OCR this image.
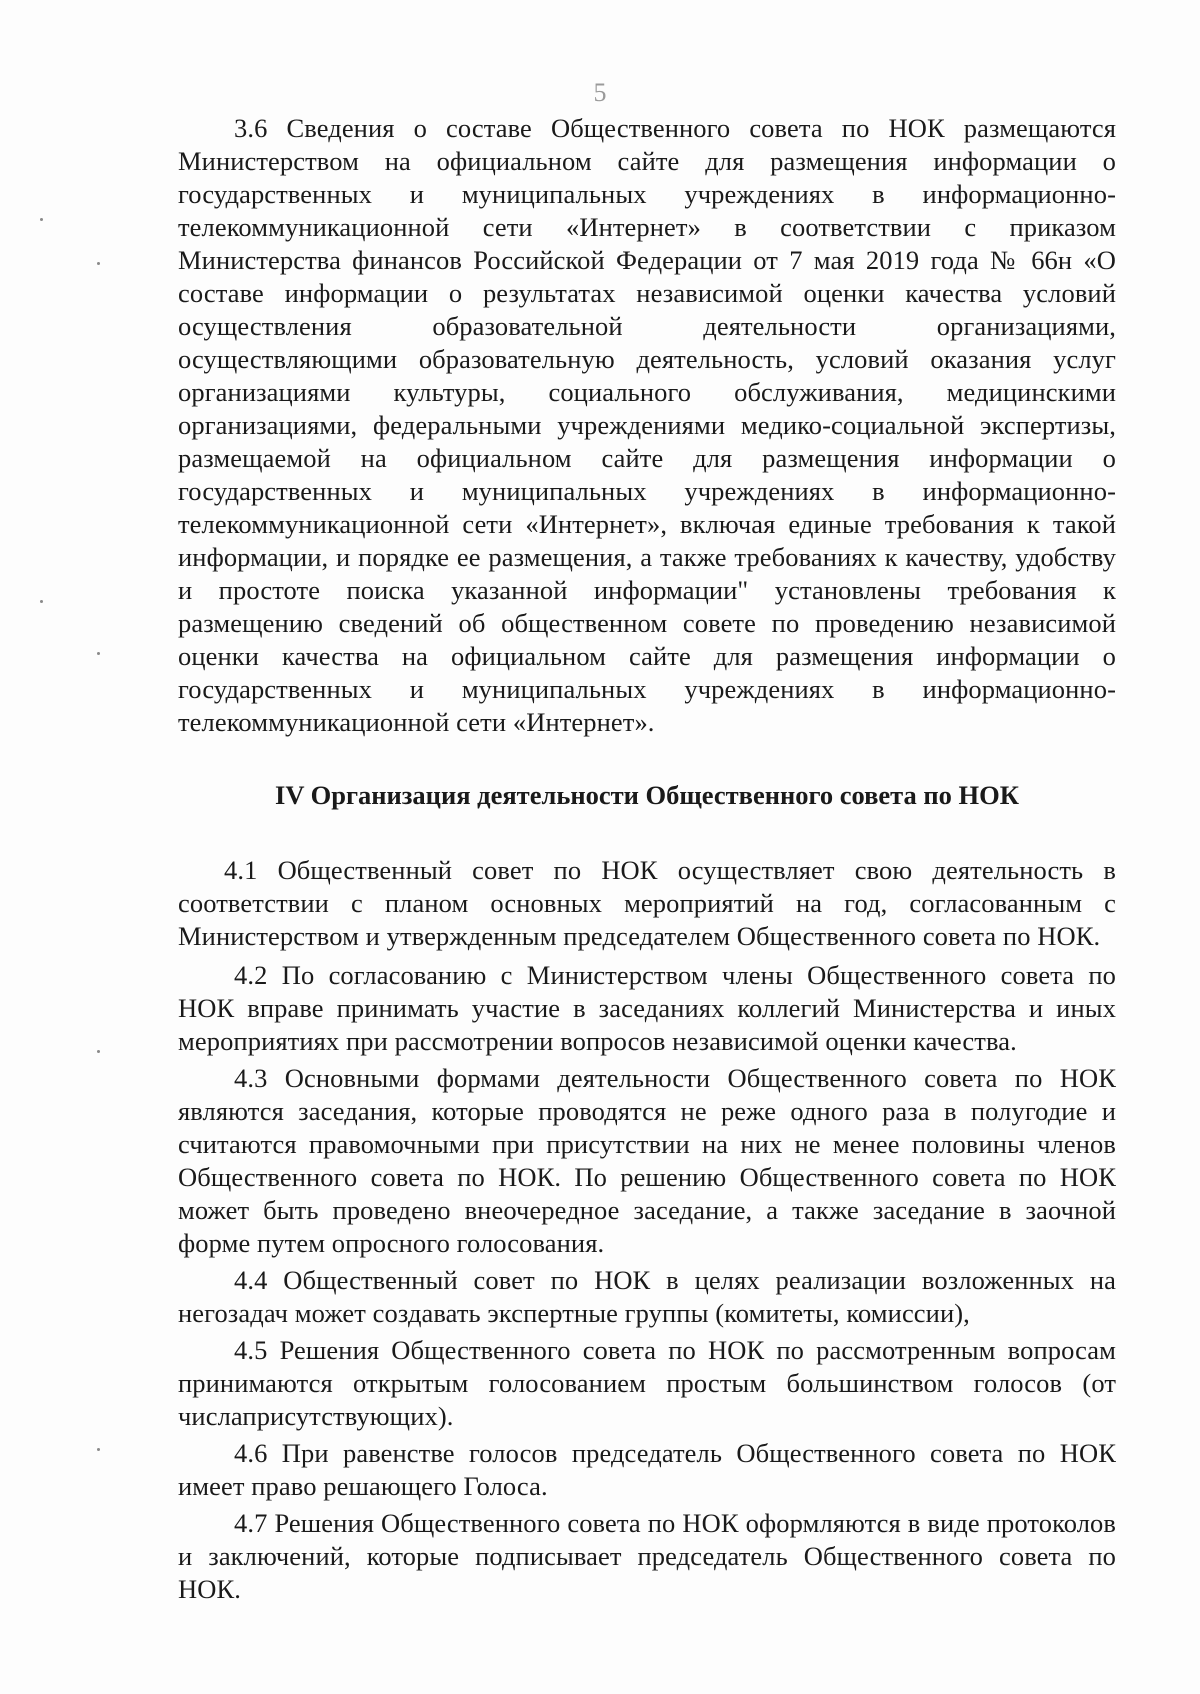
5

3.6 Сведения о составе Общественного совета по НОК размещаются Министерством на официальном сайте для размещения информации о государственных и муниципальных учреждениях в информационно-телекоммуникационной сети «Интернет» в соответствии с приказом Министерства финансов Российской Федерации от 7 мая 2019 года № 66н «О составе информации о результатах независимой оценки качества условий осуществления образовательной деятельности организациями, осуществляющими образовательную деятельность, условий оказания услуг организациями культуры, социального обслуживания, медицинскими организациями, федеральными учреждениями медико-социальной экспертизы, размещаемой на официальном сайте для размещения информации о государственных и муниципальных учреждениях в информационно-телекоммуникационной сети «Интернет», включая единые требования к такой информации, и порядке ее размещения, а также требованиях к качеству, удобству и простоте поиска указанной информации" установлены требования к размещению сведений об общественном совете по проведению независимой оценки качества на официальном сайте для размещения информации о государственных и муниципальных учреждениях в информационно-телекоммуникационной сети «Интернет».

IV Организация деятельности Общественного совета по НОК

4.1 Общественный совет по НОК осуществляет свою деятельность в соответствии с планом основных мероприятий на год, согласованным с Министерством и утвержденным председателем Общественного совета по НОК.

4.2 По согласованию с Министерством члены Общественного совета по НОК вправе принимать участие в заседаниях коллегий Министерства и иных мероприятиях при рассмотрении вопросов независимой оценки качества.

4.3 Основными формами деятельности Общественного совета по НОК являются заседания, которые проводятся не реже одного раза в полугодие и считаются правомочными при присутствии на них не менее половины членов Общественного совета по НОК. По решению Общественного совета по НОК может быть проведено внеочередное заседание, а также заседание в заочной форме путем опросного голосования.

4.4 Общественный совет по НОК в целях реализации возложенных на негозадач может создавать экспертные группы (комитеты, комиссии),

4.5 Решения Общественного совета по НОК по рассмотренным вопросам принимаются открытым голосованием простым большинством голосов (от числаприсутствующих).

4.6 При равенстве голосов председатель Общественного совета по НОК имеет право решающего Голоса.

4.7 Решения Общественного совета по НОК оформляются в виде протоколов и заключений, которые подписывает председатель Общественного совета по НОК.
